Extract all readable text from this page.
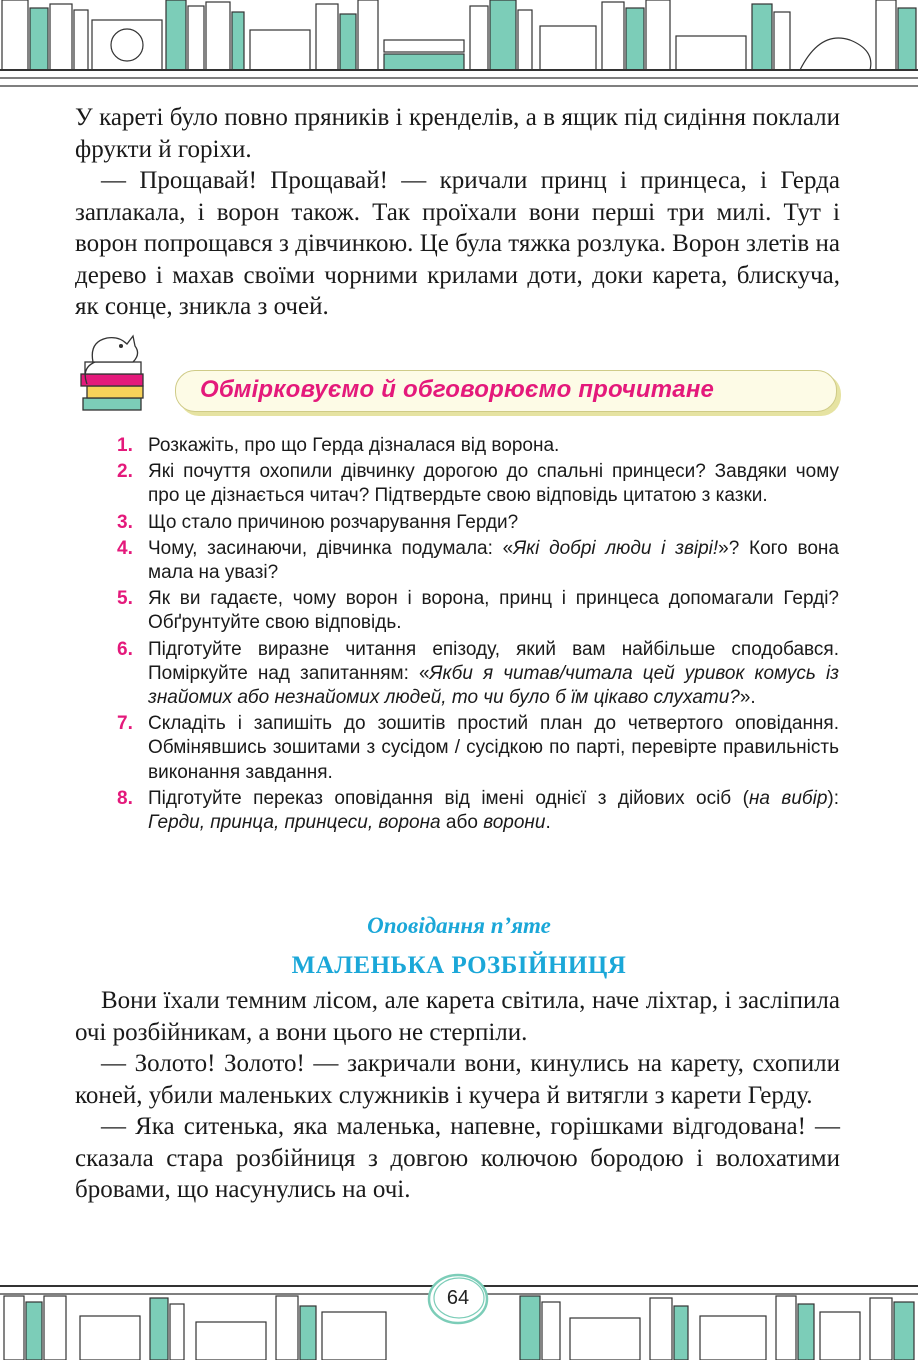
У кареті було повно пряників і кренделів, а в ящик під сидіння поклали фрукти й горіхи.

— Прощавай! Прощавай! — кричали принц і принцеса, і Герда заплакала, і ворон також. Так проїхали вони перші три милі. Тут і ворон попрощався з дівчинкою. Це була тяжка розлука. Ворон злетів на дерево і махав своїми чорними крилами доти, доки карета, блискуча, як сонце, зникла з очей.

Обмірковуємо й обговорюємо прочитане
1. Розкажіть, про що Герда дізналася від ворона.
2. Які почуття охопили дівчинку дорогою до спальні принцеси? Завдяки чому про це дізнається читач? Підтвердьте свою відповідь цитатою з казки.
3. Що стало причиною розчарування Герди?
4. Чому, засинаючи, дівчинка подумала: «Які добрі люди і звірі!»? Кого вона мала на увазі?
5. Як ви гадаєте, чому ворон і ворона, принц і принцеса допомагали Герді? Обґрунтуйте свою відповідь.
6. Підготуйте виразне читання епізоду, який вам найбільше сподобався. Поміркуйте над запитанням: «Якби я читав/читала цей уривок комусь із знайомих або незнайомих людей, то чи було б їм цікаво слухати?».
7. Складіть і запишіть до зошитів простий план до четвертого оповідання. Обмінявшись зошитами з сусідом / сусідкою по парті, перевірте правильність виконання завдання.
8. Підготуйте переказ оповідання від імені однієї з дійових осіб (на вибір): Герди, принца, принцеси, ворона або ворони.
Оповідання п’яте
МАЛЕНЬКА РОЗБІЙНИЦЯ

Вони їхали темним лісом, але карета світила, наче ліхтар, і засліпила очі розбійникам, а вони цього не стерпіли.

— Золото! Золото! — закричали вони, кинулись на карету, схопили коней, убили маленьких служників і кучера й витягли з карети Герду.

— Яка ситенька, яка маленька, напевне, горішками відгодована! — сказала стара розбійниця з довгою колючою бородою і волохатими бровами, що насунулись на очі.

64
